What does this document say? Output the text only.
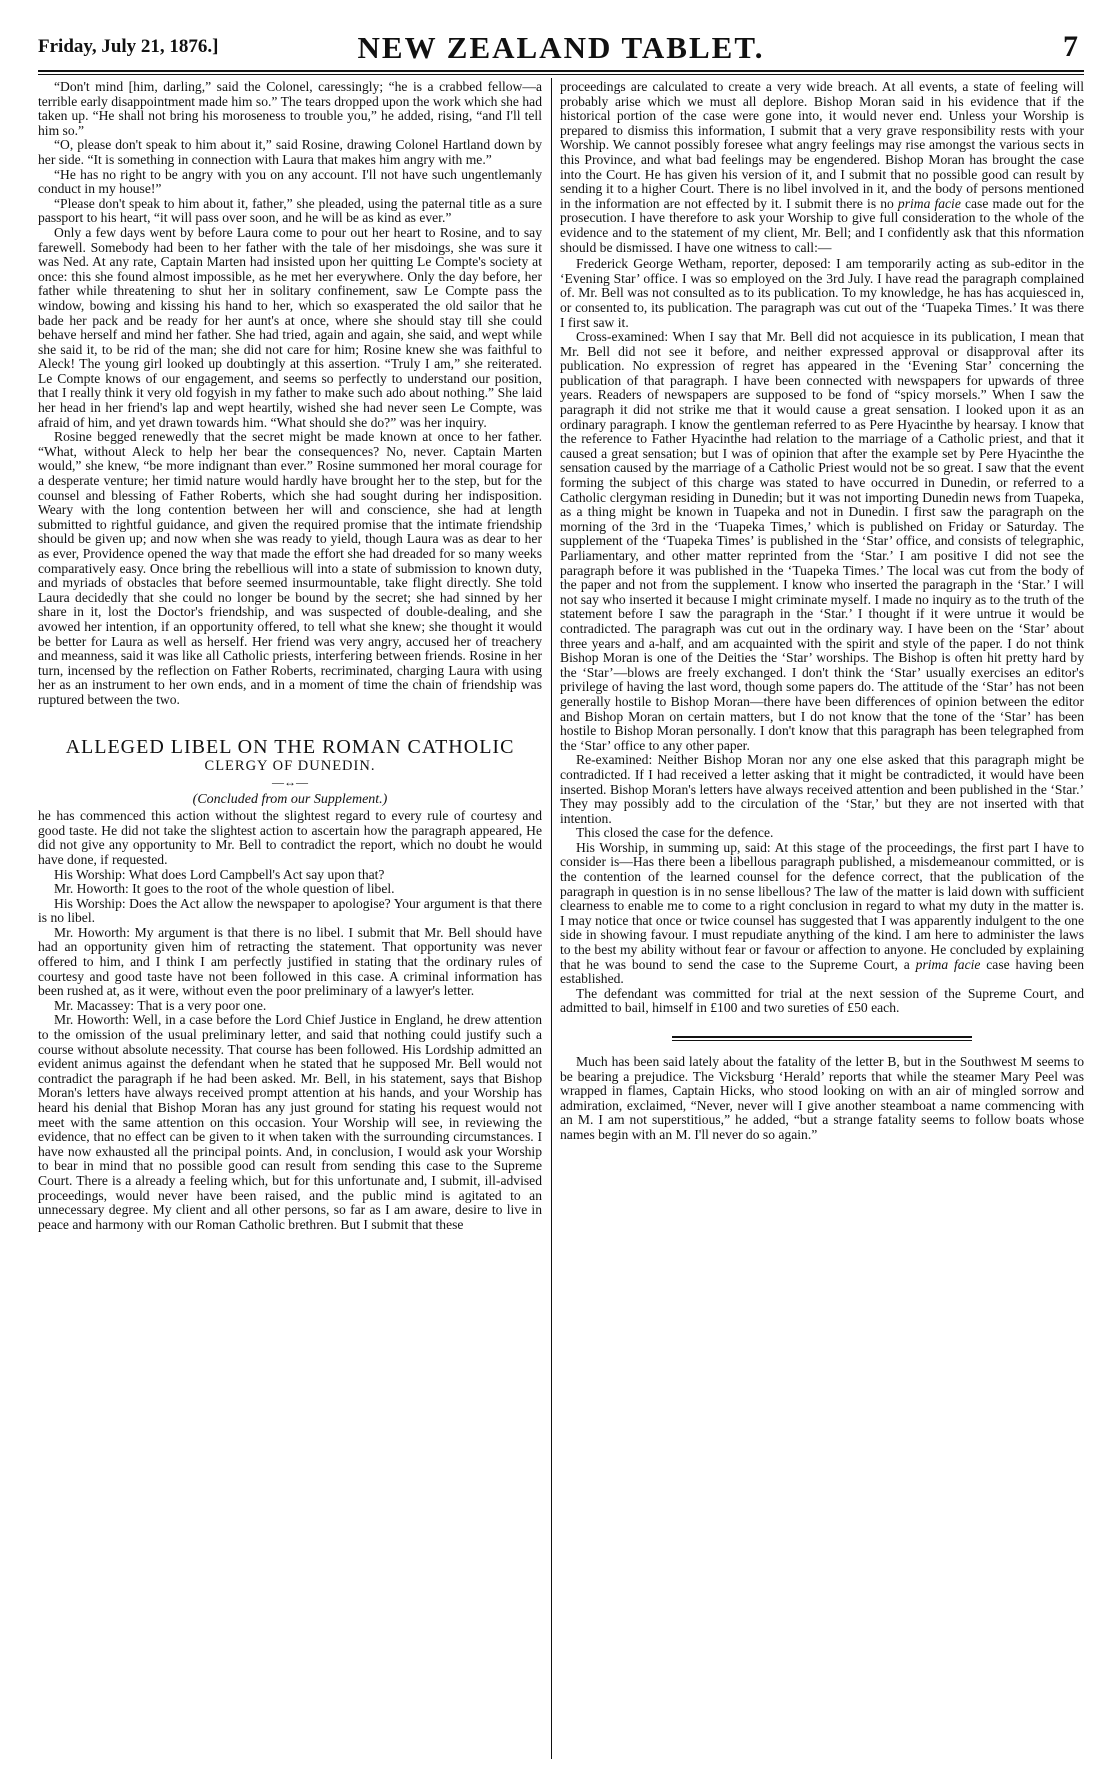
Friday, July 21, 1876.]	NEW ZEALAND TABLET.	7

“Don't mind [him, darling,” said the Colonel, caressingly; “he is a crabbed fellow—a terrible early disappointment made him so.” The tears dropped upon the work which she had taken up. “He shall not bring his moroseness to trouble you,” he added, rising, “and I'll tell him so.”

“O, please don't speak to him about it,” said Rosine, drawing Colonel Hartland down by her side. “It is something in connection with Laura that makes him angry with me.”

“He has no right to be angry with you on any account. I'll not have such ungentlemanly conduct in my house!”

“Please don't speak to him about it, father,” she pleaded, using the paternal title as a sure passport to his heart, “it will pass over soon, and he will be as kind as ever.”

Only a few days went by before Laura come to pour out her heart to Rosine, and to say farewell. Somebody had been to her father with the tale of her misdoings, she was sure it was Ned. At any rate, Captain Marten had insisted upon her quitting Le Compte's society at once: this she found almost impossible, as he met her everywhere. Only the day before, her father while threatening to shut her in solitary confinement, saw Le Compte pass the window, bowing and kissing his hand to her, which so exasperated the old sailor that he bade her pack and be ready for her aunt's at once, where she should stay till she could behave herself and mind her father. She had tried, again and again, she said, and wept while she said it, to be rid of the man; she did not care for him; Rosine knew she was faithful to Aleck! The young girl looked up doubtingly at this assertion. “Truly I am,” she reiterated. Le Compte knows of our engagement, and seems so perfectly to understand our position, that I really think it very old fogyish in my father to make such ado about nothing.” She laid her head in her friend's lap and wept heartily, wished she had never seen Le Compte, was afraid of him, and yet drawn towards him. “What should she do?” was her inquiry.

Rosine begged renewedly that the secret might be made known at once to her father. “What, without Aleck to help her bear the consequences? No, never. Captain Marten would,” she knew, “be more indignant than ever.” Rosine summoned her moral courage for a desperate venture; her timid nature would hardly have brought her to the step, but for the counsel and blessing of Father Roberts, which she had sought during her indisposition. Weary with the long contention between her will and conscience, she had at length submitted to rightful guidance, and given the required promise that the intimate friendship should be given up; and now when she was ready to yield, though Laura was as dear to her as ever, Providence opened the way that made the effort she had dreaded for so many weeks comparatively easy. Once bring the rebellious will into a state of submission to known duty, and myriads of obstacles that before seemed insurmountable, take flight directly. She told Laura decidedly that she could no longer be bound by the secret; she had sinned by her share in it, lost the Doctor's friendship, and was suspected of double-dealing, and she avowed her intention, if an opportunity offered, to tell what she knew; she thought it would be better for Laura as well as herself. Her friend was very angry, accused her of treachery and meanness, said it was like all Catholic priests, interfering between friends. Rosine in her turn, incensed by the reflection on Father Roberts, recriminated, charging Laura with using her as an instrument to her own ends, and in a moment of time the chain of friendship was ruptured between the two.

ALLEGED LIBEL ON THE ROMAN CATHOLIC
CLERGY OF DUNEDIN.
—↔—
(Concluded from our Supplement.)

he has commenced this action without the slightest regard to every rule of courtesy and good taste. He did not take the slightest action to ascertain how the paragraph appeared, He did not give any opportunity to Mr. Bell to contradict the report, which no doubt he would have done, if requested.

His Worship: What does Lord Campbell's Act say upon that?

Mr. Howorth: It goes to the root of the whole question of libel.

His Worship: Does the Act allow the newspaper to apologise? Your argument is that there is no libel.

Mr. Howorth: My argument is that there is no libel. I submit that Mr. Bell should have had an opportunity given him of retracting the statement. That opportunity was never offered to him, and I think I am perfectly justified in stating that the ordinary rules of courtesy and good taste have not been followed in this case. A criminal information has been rushed at, as it were, without even the poor preliminary of a lawyer's letter.

Mr. Macassey: That is a very poor one.

Mr. Howorth: Well, in a case before the Lord Chief Justice in England, he drew attention to the omission of the usual preliminary letter, and said that nothing could justify such a course without absolute necessity. That course has been followed. His Lordship admitted an evident animus against the defendant when he stated that he supposed Mr. Bell would not contradict the paragraph if he had been asked. Mr. Bell, in his statement, says that Bishop Moran's letters have always received prompt attention at his hands, and your Worship has heard his denial that Bishop Moran has any just ground for stating his request would not meet with the same attention on this occasion. Your Worship will see, in reviewing the evidence, that no effect can be given to it when taken with the surrounding circumstances. I have now exhausted all the principal points. And, in conclusion, I would ask your Worship to bear in mind that no possible good can result from sending this case to the Supreme Court. There is a already a feeling which, but for this unfortunate and, I submit, ill-advised proceedings, would never have been raised, and the public mind is agitated to an unnecessary degree. My client and all other persons, so far as I am aware, desire to live in peace and harmony with our Roman Catholic brethren. But I submit that these

proceedings are calculated to create a very wide breach. At all events, a state of feeling will probably arise which we must all deplore. Bishop Moran said in his evidence that if the historical portion of the case were gone into, it would never end. Unless your Worship is prepared to dismiss this information, I submit that a very grave responsibility rests with your Worship. We cannot possibly foresee what angry feelings may rise amongst the various sects in this Province, and what bad feelings may be engendered. Bishop Moran has brought the case into the Court. He has given his version of it, and I submit that no possible good can result by sending it to a higher Court. There is no libel involved in it, and the body of persons mentioned in the information are not effected by it. I submit there is no prima facie case made out for the prosecution. I have therefore to ask your Worship to give full consideration to the whole of the evidence and to the statement of my client, Mr. Bell; and I confidently ask that this nformation should be dismissed. I have one witness to call:—

Frederick George Wetham, reporter, deposed: I am temporarily acting as sub-editor in the ‘Evening Star’ office. I was so employed on the 3rd July. I have read the paragraph complained of. Mr. Bell was not consulted as to its publication. To my knowledge, he has has acquiesced in, or consented to, its publication. The paragraph was cut out of the ‘Tuapeka Times.’ It was there I first saw it.

Cross-examined: When I say that Mr. Bell did not acquiesce in its publication, I mean that Mr. Bell did not see it before, and neither expressed approval or disapproval after its publication. No expression of regret has appeared in the ‘Evening Star’ concerning the publication of that paragraph. I have been connected with newspapers for upwards of three years. Readers of newspapers are supposed to be fond of “spicy morsels.” When I saw the paragraph it did not strike me that it would cause a great sensation. I looked upon it as an ordinary paragraph. I know the gentleman referred to as Pere Hyacinthe by hearsay. I know that the reference to Father Hyacinthe had relation to the marriage of a Catholic priest, and that it caused a great sensation; but I was of opinion that after the example set by Pere Hyacinthe the sensation caused by the marriage of a Catholic Priest would not be so great. I saw that the event forming the subject of this charge was stated to have occurred in Dunedin, or referred to a Catholic clergyman residing in Dunedin; but it was not importing Dunedin news from Tuapeka, as a thing might be known in Tuapeka and not in Dunedin. I first saw the paragraph on the morning of the 3rd in the ‘Tuapeka Times,’ which is published on Friday or Saturday. The supplement of the ‘Tuapeka Times’ is published in the ‘Star’ office, and consists of telegraphic, Parliamentary, and other matter reprinted from the ‘Star.’ I am positive I did not see the paragraph before it was published in the ‘Tuapeka Times.’ The local was cut from the body of the paper and not from the supplement. I know who inserted the paragraph in the ‘Star.’ I will not say who inserted it because I might criminate myself. I made no inquiry as to the truth of the statement before I saw the paragraph in the ‘Star.’ I thought if it were untrue it would be contradicted. The paragraph was cut out in the ordinary way. I have been on the ‘Star’ about three years and a-half, and am acquainted with the spirit and style of the paper. I do not think Bishop Moran is one of the Deities the ‘Star’ worships. The Bishop is often hit pretty hard by the ‘Star’—blows are freely exchanged. I don't think the ‘Star’ usually exercises an editor's privilege of having the last word, though some papers do. The attitude of the ‘Star’ has not been generally hostile to Bishop Moran—there have been differences of opinion between the editor and Bishop Moran on certain matters, but I do not know that the tone of the ‘Star’ has been hostile to Bishop Moran personally. I don't know that this paragraph has been telegraphed from the ‘Star’ office to any other paper.

Re-examined: Neither Bishop Moran nor any one else asked that this paragraph might be contradicted. If I had received a letter asking that it might be contradicted, it would have been inserted. Bishop Moran's letters have always received attention and been published in the ‘Star.’ They may possibly add to the circulation of the ‘Star,’ but they are not inserted with that intention.

This closed the case for the defence.

His Worship, in summing up, said: At this stage of the proceedings, the first part I have to consider is—Has there been a libellous paragraph published, a misdemeanour committed, or is the contention of the learned counsel for the defence correct, that the publication of the paragraph in question is in no sense libellous? The law of the matter is laid down with sufficient clearness to enable me to come to a right conclusion in regard to what my duty in the matter is. I may notice that once or twice counsel has suggested that I was apparently indulgent to the one side in showing favour. I must repudiate anything of the kind. I am here to administer the laws to the best my ability without fear or favour or affection to anyone. He concluded by explaining that he was bound to send the case to the Supreme Court, a prima facie case having been established.

The defendant was committed for trial at the next session of the Supreme Court, and admitted to bail, himself in £100 and two sureties of £50 each.

Much has been said lately about the fatality of the letter B, but in the Southwest M seems to be bearing a prejudice. The Vicksburg ‘Herald’ reports that while the steamer Mary Peel was wrapped in flames, Captain Hicks, who stood looking on with an air of mingled sorrow and admiration, exclaimed, “Never, never will I give another steamboat a name commencing with an M. I am not superstitious,” he added, “but a strange fatality seems to follow boats whose names begin with an M. I'll never do so again.”
